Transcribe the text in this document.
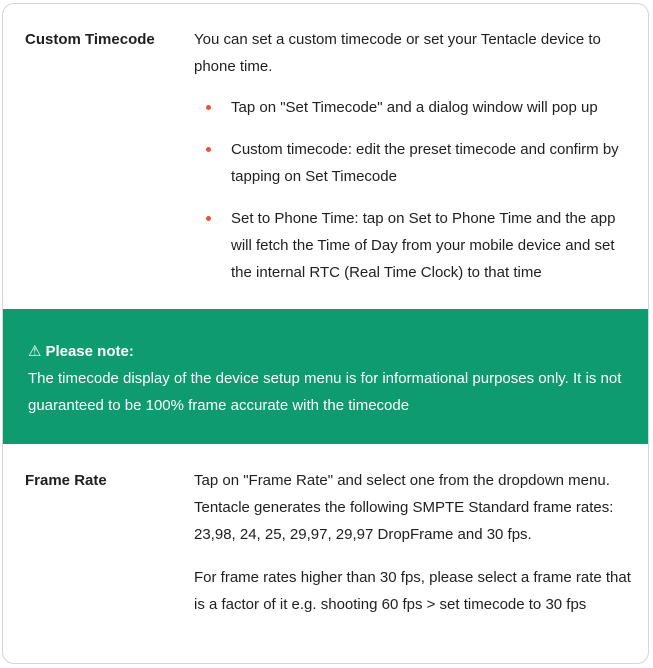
Custom Timecode	You can set a custom timecode or set your Tentacle device to phone time.

Tap on "Set Timecode" and a dialog window will pop up
Custom timecode: edit the preset timecode and confirm by tapping on Set Timecode
Set to Phone Time: tap on Set to Phone Time and the app will fetch the Time of Day from your mobile device and set the internal RTC (Real Time Clock) to that time
⚠ Please note:
The timecode display of the device setup menu is for informational purposes only. It is not guaranteed to be 100% frame accurate with the timecode
Frame Rate	Tap on "Frame Rate" and select one from the dropdown menu. Tentacle generates the following SMPTE Standard frame rates: 23,98, 24, 25, 29,97, 29,97 DropFrame and 30 fps.

For frame rates higher than 30 fps, please select a frame rate that is a factor of it e.g. shooting 60 fps > set timecode to 30 fps
